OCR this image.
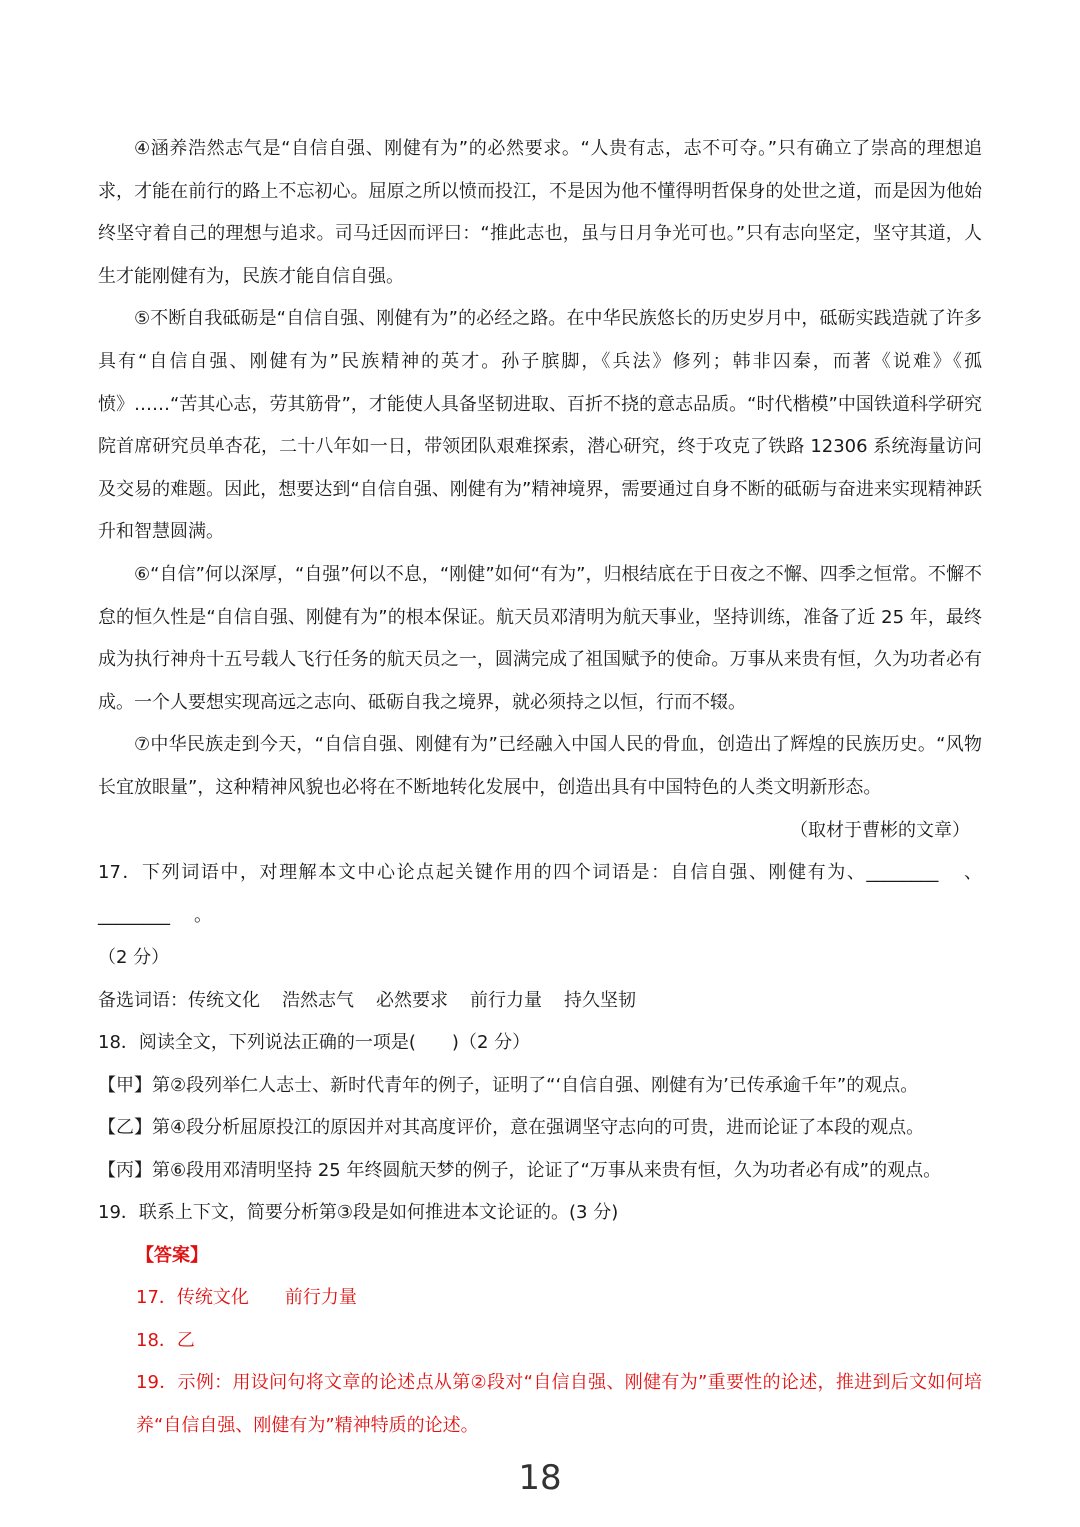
④涵养浩然志气是“自信自强、刚健有为”的必然要求。“人贵有志，志不可夺。”只有确立了崇高的理想追求，才能在前行的路上不忘初心。屈原之所以愤而投江，不是因为他不懂得明哲保身的处世之道，而是因为他始终坚守着自己的理想与追求。司马迁因而评曰：“推此志也，虽与日月争光可也。”只有志向坚定，坚守其道，人生才能刚健有为，民族才能自信自强。

⑤不断自我砥砺是“自信自强、刚健有为”的必经之路。在中华民族悠长的历史岁月中，砥砺实践造就了许多具有“自信自强、刚健有为”民族精神的英才。孙子膑脚，《兵法》修列；韩非囚秦，而著《说难》《孤愤》……“苦其心志，劳其筋骨”，才能使人具备坚韧进取、百折不挠的意志品质。“时代楷模”中国铁道科学研究院首席研究员单杏花，二十八年如一日，带领团队艰难探索，潜心研究，终于攻克了铁路 12306 系统海量访问及交易的难题。因此，想要达到“自信自强、刚健有为”精神境界，需要通过自身不断的砥砺与奋进来实现精神跃升和智慧圆满。

⑥“自信”何以深厚，“自强”何以不息，“刚健”如何“有为”，归根结底在于日夜之不懈、四季之恒常。不懈不怠的恒久性是“自信自强、刚健有为”的根本保证。航天员邓清明为航天事业，坚持训练，准备了近 25 年，最终成为执行神舟十五号载人飞行任务的航天员之一，圆满完成了祖国赋予的使命。万事从来贵有恒，久为功者必有成。一个人要想实现高远之志向、砥砺自我之境界，就必须持之以恒，行而不辍。

⑦中华民族走到今天，“自信自强、刚健有为”已经融入中国人民的骨血，创造出了辉煌的民族历史。“风物长宜放眼量”，这种精神风貌也必将在不断地转化发展中，创造出具有中国特色的人类文明新形态。

（取材于曹彬的文章）

17．下列词语中，对理解本文中心论点起关键作用的四个词语是：自信自强、刚健有为、________ 、________ 。

（2 分）

备选词语：传统文化 浩然志气 必然要求 前行力量 持久坚韧

18．阅读全文，下列说法正确的一项是(　　)（2 分）

【甲】第②段列举仁人志士、新时代青年的例子，证明了“‘自信自强、刚健有为’已传承逾千年”的观点。

【乙】第④段分析屈原投江的原因并对其高度评价，意在强调坚守志向的可贵，进而论证了本段的观点。

【丙】第⑥段用邓清明坚持 25 年终圆航天梦的例子，论证了“万事从来贵有恒，久为功者必有成”的观点。

19．联系上下文，简要分析第③段是如何推进本文论证的。(3 分)

【答案】

17．传统文化　　前行力量

18．乙

19．示例：用设问句将文章的论述点从第②段对“自信自强、刚健有为”重要性的论述，推进到后文如何培养“自信自强、刚健有为”精神特质的论述。

18
